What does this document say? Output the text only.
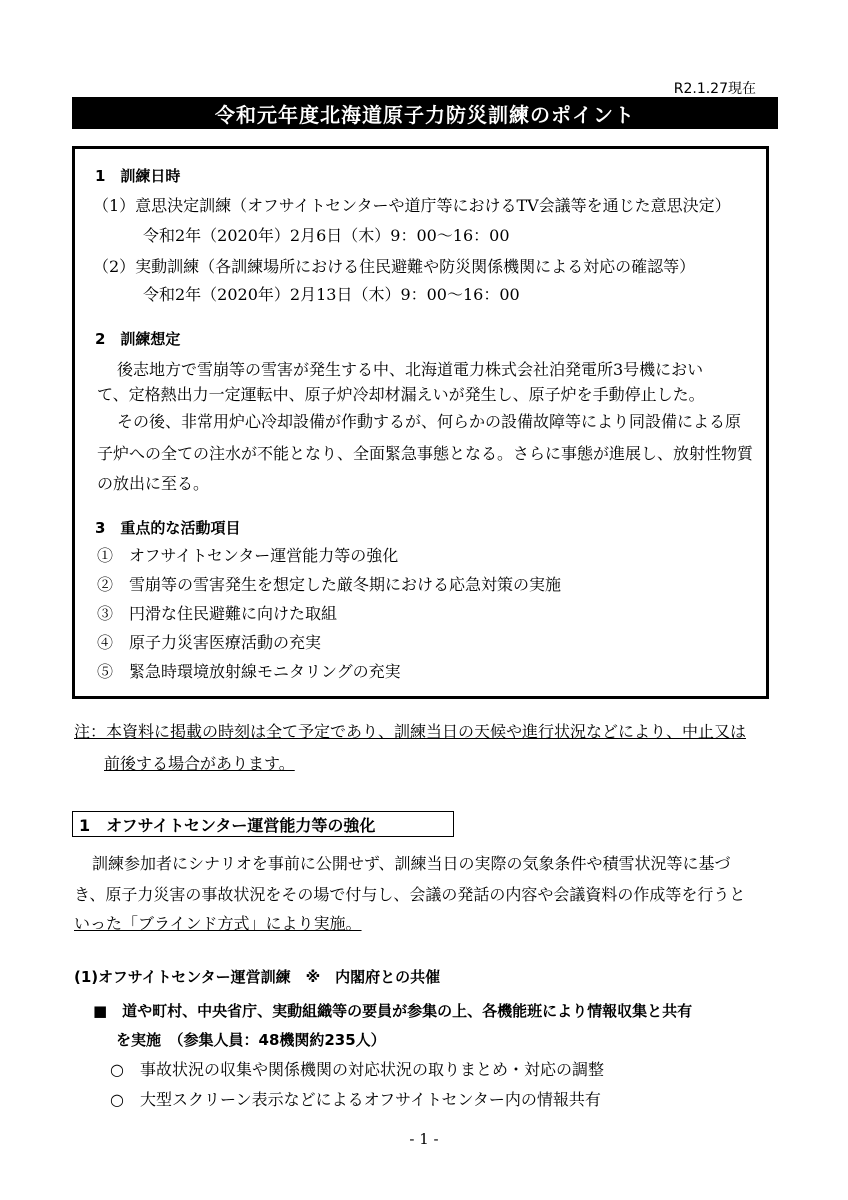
R2.1.27現在
令和元年度北海道原子力防災訓練のポイント
1　訓練日時
（1）意思決定訓練（オフサイトセンターや道庁等におけるTV会議等を通じた意思決定）
令和2年（2020年）2月6日（木）9：00～16：00
（2）実動訓練（各訓練場所における住民避難や防災関係機関による対応の確認等）
令和2年（2020年）2月13日（木）9：00～16：00
2　訓練想定
後志地方で雪崩等の雪害が発生する中、北海道電力株式会社泊発電所3号機におい
て、定格熱出力一定運転中、原子炉冷却材漏えいが発生し、原子炉を手動停止した。
その後、非常用炉心冷却設備が作動するが、何らかの設備故障等により同設備による原
子炉への全ての注水が不能となり、全面緊急事態となる。さらに事態が進展し、放射性物質
の放出に至る。
3　重点的な活動項目
①　オフサイトセンター運営能力等の強化
②　雪崩等の雪害発生を想定した厳冬期における応急対策の実施
③　円滑な住民避難に向けた取組
④　原子力災害医療活動の充実
⑤　緊急時環境放射線モニタリングの充実
注：本資料に掲載の時刻は全て予定であり、訓練当日の天候や進行状況などにより、中止又は
前後する場合があります。
1　オフサイトセンター運営能力等の強化
訓練参加者にシナリオを事前に公開せず、訓練当日の実際の気象条件や積雪状況等に基づ
き、原子力災害の事故状況をその場で付与し、会議の発話の内容や会議資料の作成等を行うと
いった「ブラインド方式」により実施。
(1)オフサイトセンター運営訓練　※　内閣府との共催
■　道や町村、中央省庁、実動組織等の要員が参集の上、各機能班により情報収集と共有
を実施　（参集人員：48機関約235人）
○　事故状況の収集や関係機関の対応状況の取りまとめ・対応の調整
○　大型スクリーン表示などによるオフサイトセンター内の情報共有
- 1 -
